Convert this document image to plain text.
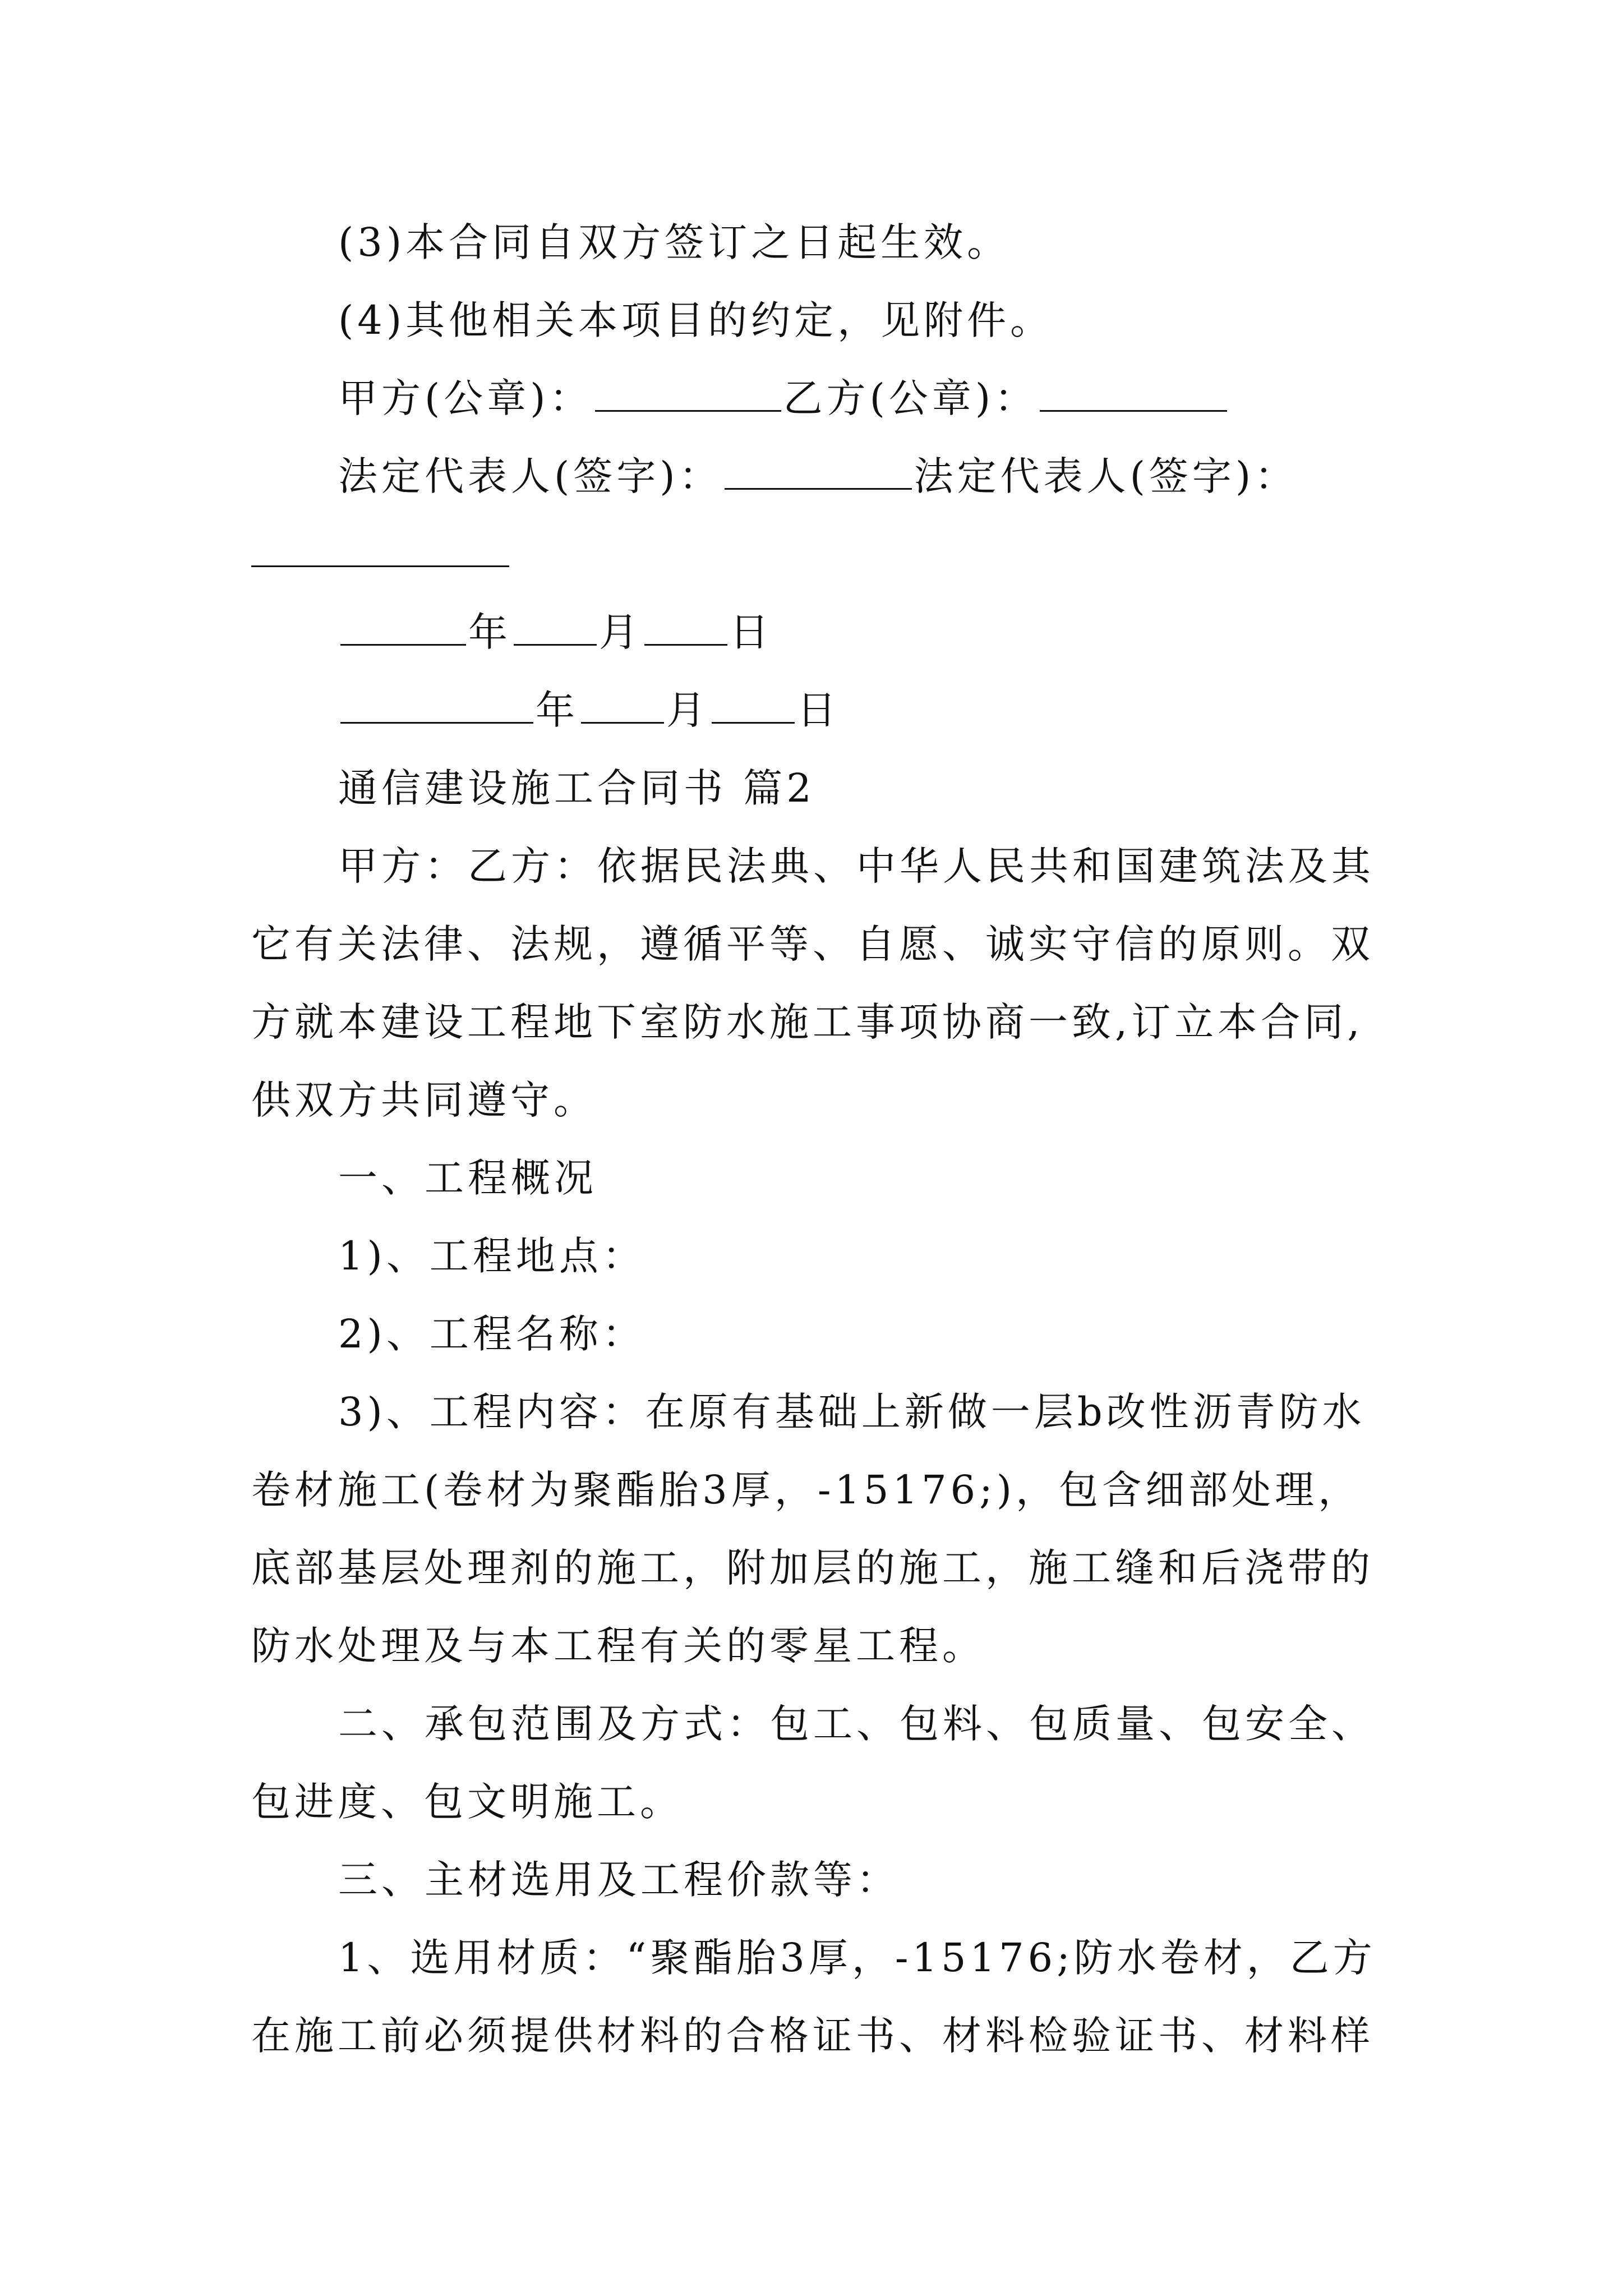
(3)本合同自双方签订之日起生效。
(4)其他相关本项目的约定，见附件。
甲方(公章)：	乙方(公章)：
法定代表人(签字)：	法定代表人(签字)：
年 月 日
年 月 日
通信建设施工合同书 篇2
甲方：乙方：依据民法典、中华人民共和国建筑法及其
它有关法律、法规，遵循平等、自愿、诚实守信的原则。双
方就本建设工程地下室防水施工事项协商一致,订立本合同,
供双方共同遵守。
一、工程概况
1)、工程地点：
2)、工程名称：
3)、工程内容：在原有基础上新做一层b改性沥青防水
卷材施工(卷材为聚酯胎3厚，-15176;)，包含细部处理，
底部基层处理剂的施工，附加层的施工，施工缝和后浇带的
防水处理及与本工程有关的零星工程。
二、承包范围及方式：包工、包料、包质量、包安全、
包进度、包文明施工。
三、主材选用及工程价款等：
1、选用材质：“聚酯胎3厚，-15176;防水卷材，乙方
在施工前必须提供材料的合格证书、材料检验证书、材料样
